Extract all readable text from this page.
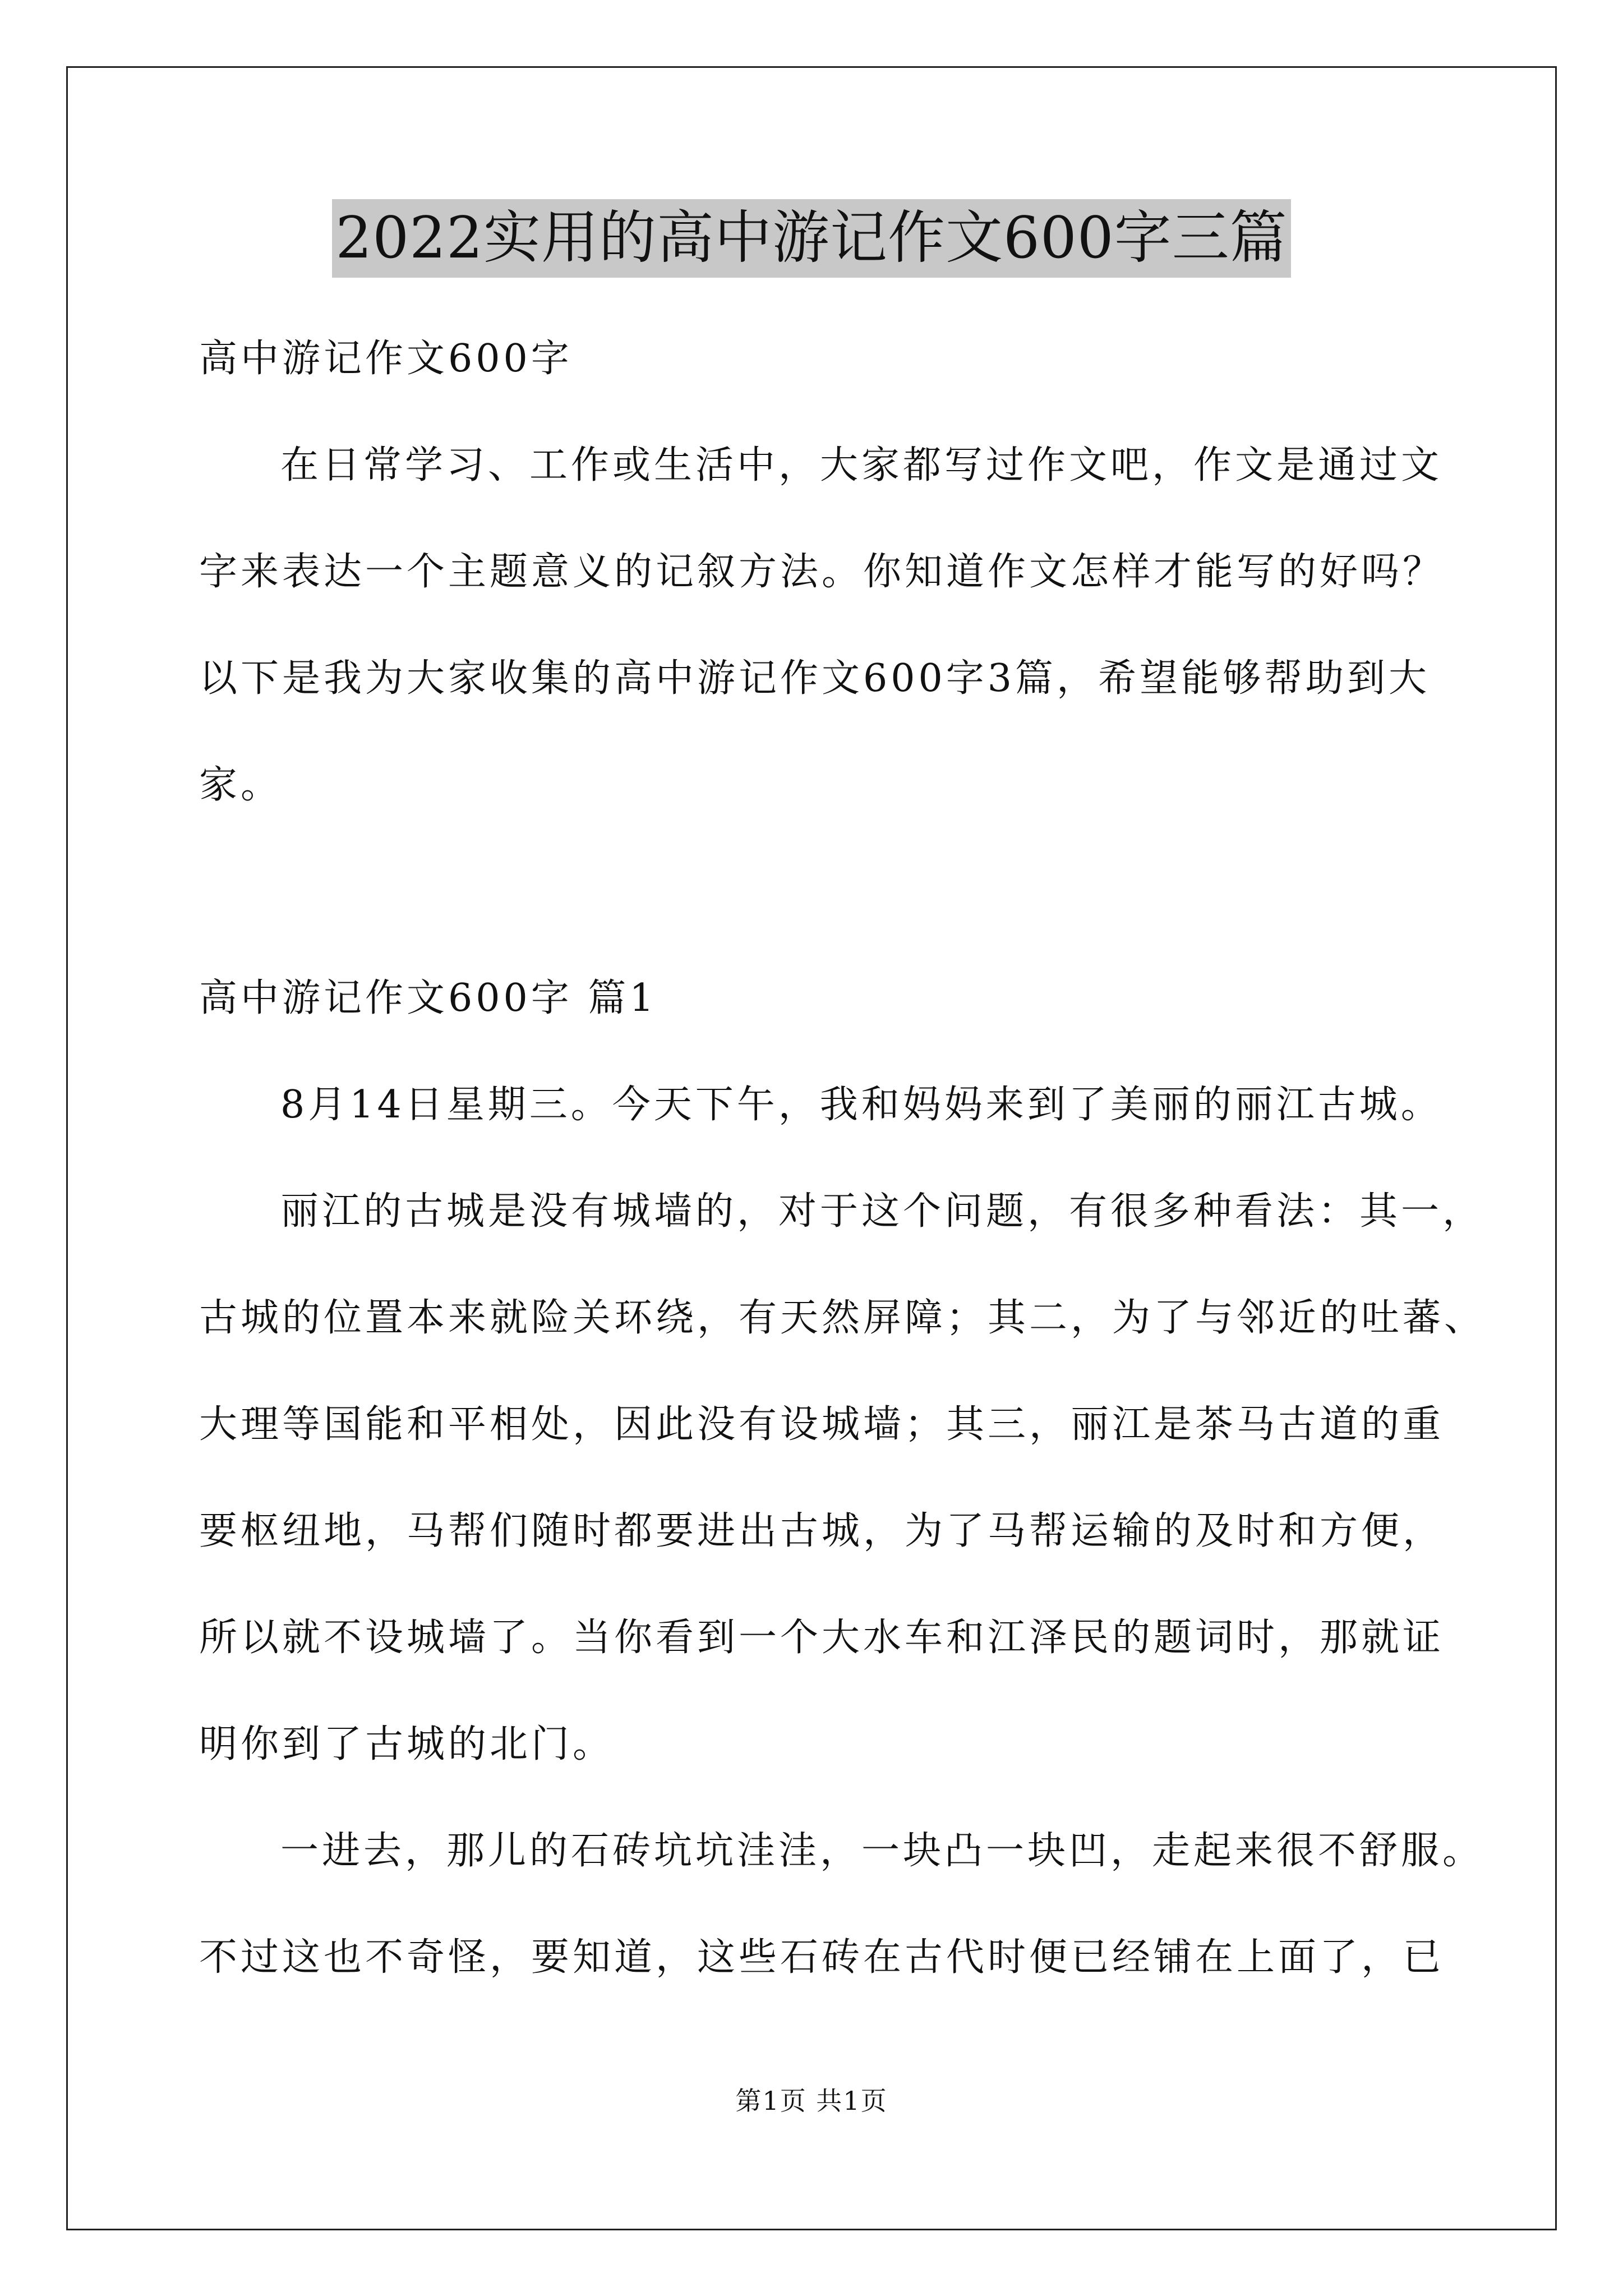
2022实用的高中游记作文600字三篇
高中游记作文600字
在日常学习、工作或生活中，大家都写过作文吧，作文是通过文
字来表达一个主题意义的记叙方法。你知道作文怎样才能写的好吗？
以下是我为大家收集的高中游记作文600字3篇，希望能够帮助到大
家。
高中游记作文600字 篇1
8月14日星期三。今天下午，我和妈妈来到了美丽的丽江古城。
丽江的古城是没有城墙的，对于这个问题，有很多种看法：其一，
古城的位置本来就险关环绕，有天然屏障；其二，为了与邻近的吐蕃、
大理等国能和平相处，因此没有设城墙；其三，丽江是茶马古道的重
要枢纽地，马帮们随时都要进出古城，为了马帮运输的及时和方便，
所以就不设城墙了。当你看到一个大水车和江泽民的题词时，那就证
明你到了古城的北门。
一进去，那儿的石砖坑坑洼洼，一块凸一块凹，走起来很不舒服。
不过这也不奇怪，要知道，这些石砖在古代时便已经铺在上面了，已
第1页 共1页
